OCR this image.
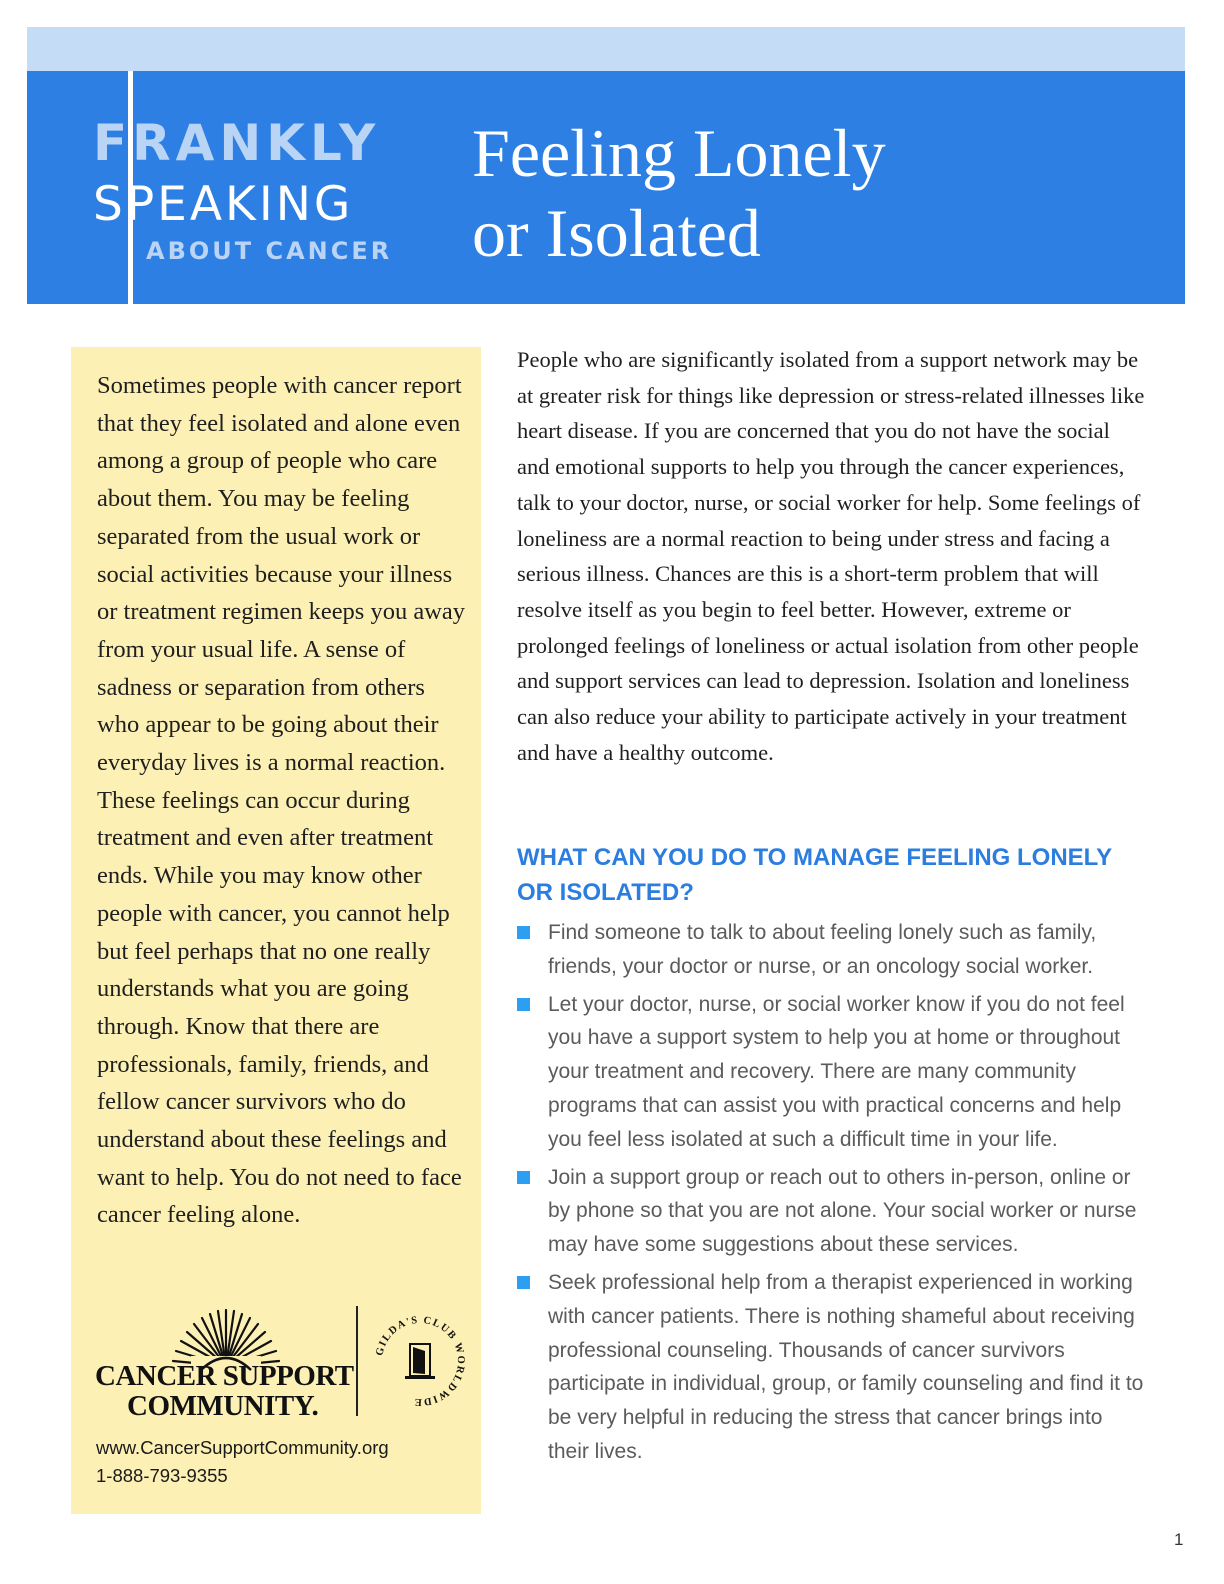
FRANKLY
SPEAKING
ABOUT CANCER
Feeling Lonely
or Isolated

Sometimes people with cancer report that they feel isolated and alone even among a group of people who care about them. You may be feeling separated from the usual work or social activities because your illness or treatment regimen keeps you away from your usual life. A sense of sadness or separation from others who appear to be going about their everyday lives is a normal reaction. These feelings can occur during treatment and even after treatment ends. While you may know other people with cancer, you cannot help but feel perhaps that no one really understands what you are going through. Know that there are professionals, family, friends, and fellow cancer survivors who do understand about these feelings and want to help. You do not need to face cancer feeling alone.

CANCER SUPPORT
COMMUNITY.
GILDA'S CLUB WORLDWIDE
www.CancerSupportCommunity.org
1-888-793-9355

People who are significantly isolated from a support network may be at greater risk for things like depression or stress-related illnesses like heart disease. If you are concerned that you do not have the social and emotional supports to help you through the cancer experiences, talk to your doctor, nurse, or social worker for help. Some feelings of loneliness are a normal reaction to being under stress and facing a serious illness. Chances are this is a short-term problem that will resolve itself as you begin to feel better. However, extreme or prolonged feelings of loneliness or actual isolation from other people and support services can lead to depression. Isolation and loneliness can also reduce your ability to participate actively in your treatment and have a healthy outcome.

WHAT CAN YOU DO TO MANAGE FEELING LONELY OR ISOLATED?
Find someone to talk to about feeling lonely such as family, friends, your doctor or nurse, or an oncology social worker.
Let your doctor, nurse, or social worker know if you do not feel you have a support system to help you at home or throughout your treatment and recovery. There are many community programs that can assist you with practical concerns and help you feel less isolated at such a difficult time in your life.
Join a support group or reach out to others in-person, online or by phone so that you are not alone. Your social worker or nurse may have some suggestions about these services.
Seek professional help from a therapist experienced in working with cancer patients. There is nothing shameful about receiving professional counseling. Thousands of cancer survivors participate in individual, group, or family counseling and find it to be very helpful in reducing the stress that cancer brings into their lives.
1
